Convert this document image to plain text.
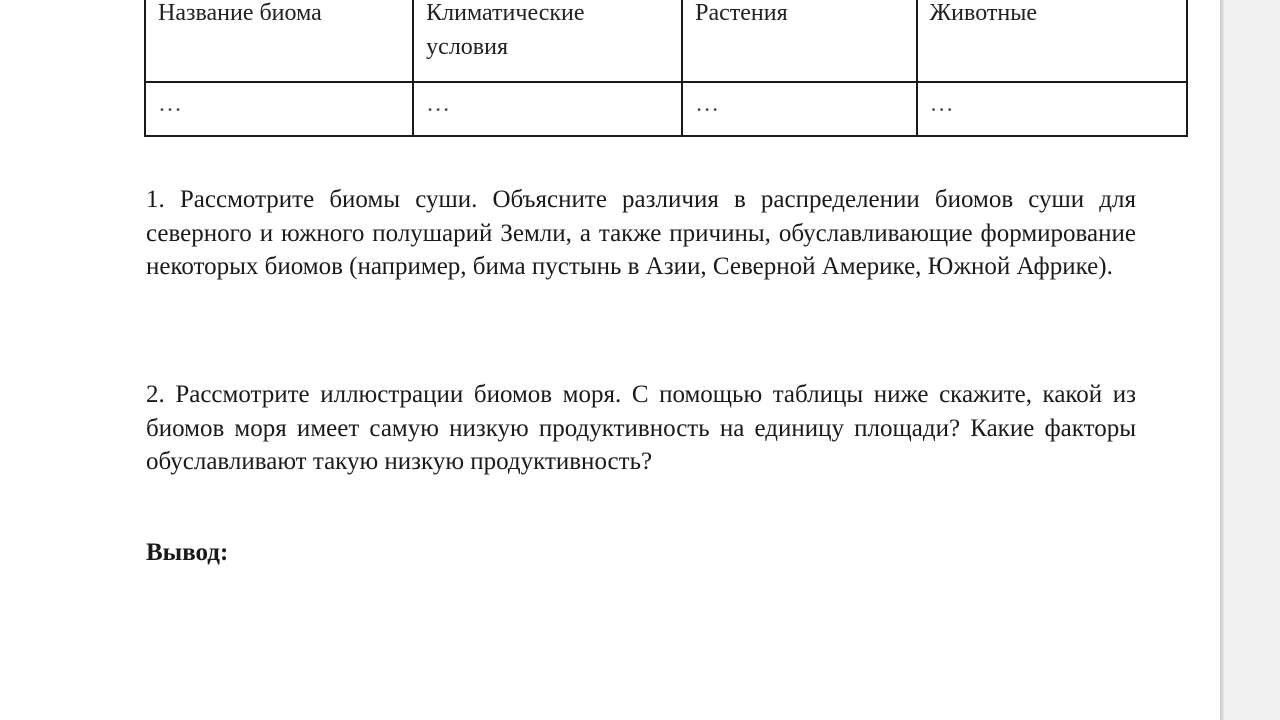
Название биома	Климатические условия	Растения	Животные
…	…	…	…

1. Рассмотрите биомы суши. Объясните различия в распределении биомов суши для северного и южного полушарий Земли, а также причины, обуславливающие формирование некоторых биомов (например, бима пустынь в Азии, Северной Америке, Южной Африке).

2. Рассмотрите иллюстрации биомов моря. С помощью таблицы ниже скажите, какой из биомов моря имеет самую низкую продуктивность на единицу площади? Какие факторы обуславливают такую низкую продуктивность?

Вывод:
